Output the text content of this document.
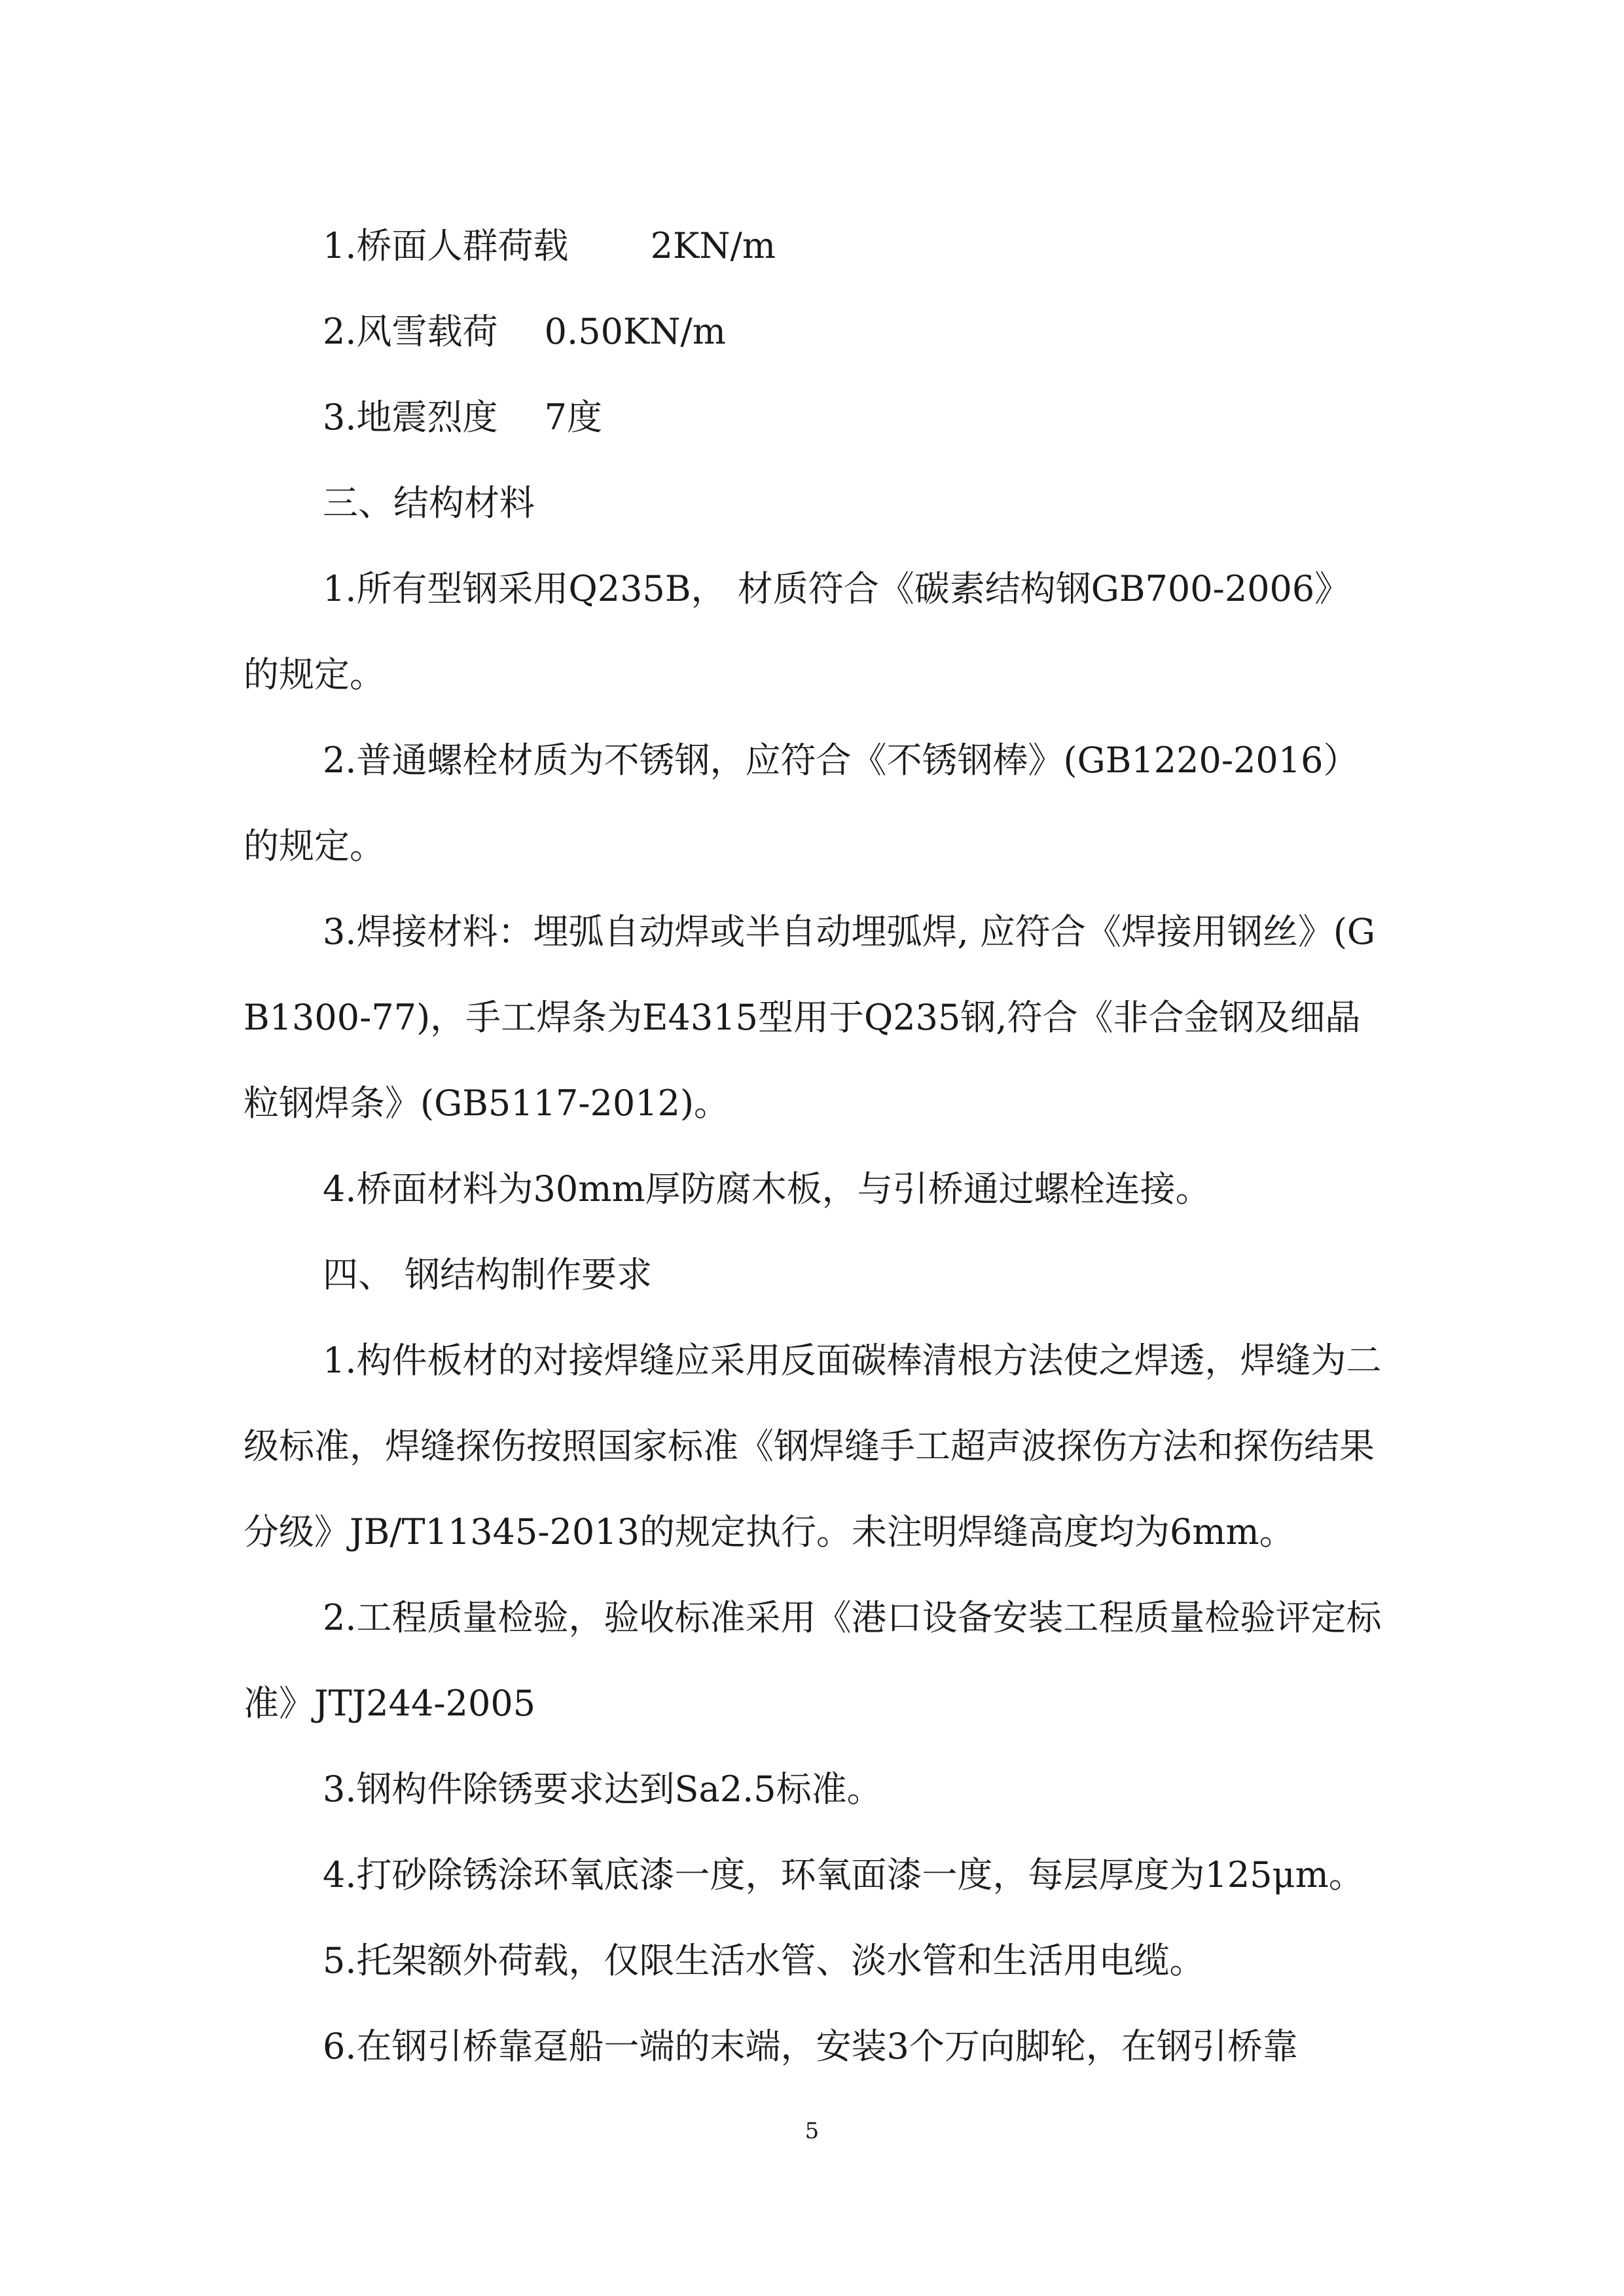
1.桥面人群荷载　　 2KN/m

2.风雪载荷　 0.50KN/m

3.地震烈度　 7度

三、结构材料

1.所有型钢采用Q235B， 材质符合《碳素结构钢GB700-2006》的规定。

2.普通螺栓材质为不锈钢，应符合《不锈钢棒》(GB1220-2016）的规定。

3.焊接材料：埋弧自动焊或半自动埋弧焊, 应符合《焊接用钢丝》(GB1300-77)，手工焊条为E4315型用于Q235钢,符合《非合金钢及细晶粒钢焊条》(GB5117-2012)。

4.桥面材料为30mm厚防腐木板，与引桥通过螺栓连接。

四、 钢结构制作要求

1.构件板材的对接焊缝应采用反面碳棒清根方法使之焊透，焊缝为二级标准，焊缝探伤按照国家标准《钢焊缝手工超声波探伤方法和探伤结果分级》JB/T11345-2013的规定执行。未注明焊缝高度均为6mm。

2.工程质量检验，验收标准采用《港口设备安装工程质量检验评定标准》JTJ244-2005

3.钢构件除锈要求达到Sa2.5标准。

4.打砂除锈涂环氧底漆一度，环氧面漆一度，每层厚度为125μm。

5.托架额外荷载，仅限生活水管、淡水管和生活用电缆。

6.在钢引桥靠趸船一端的末端，安装3个万向脚轮，在钢引桥靠

5
